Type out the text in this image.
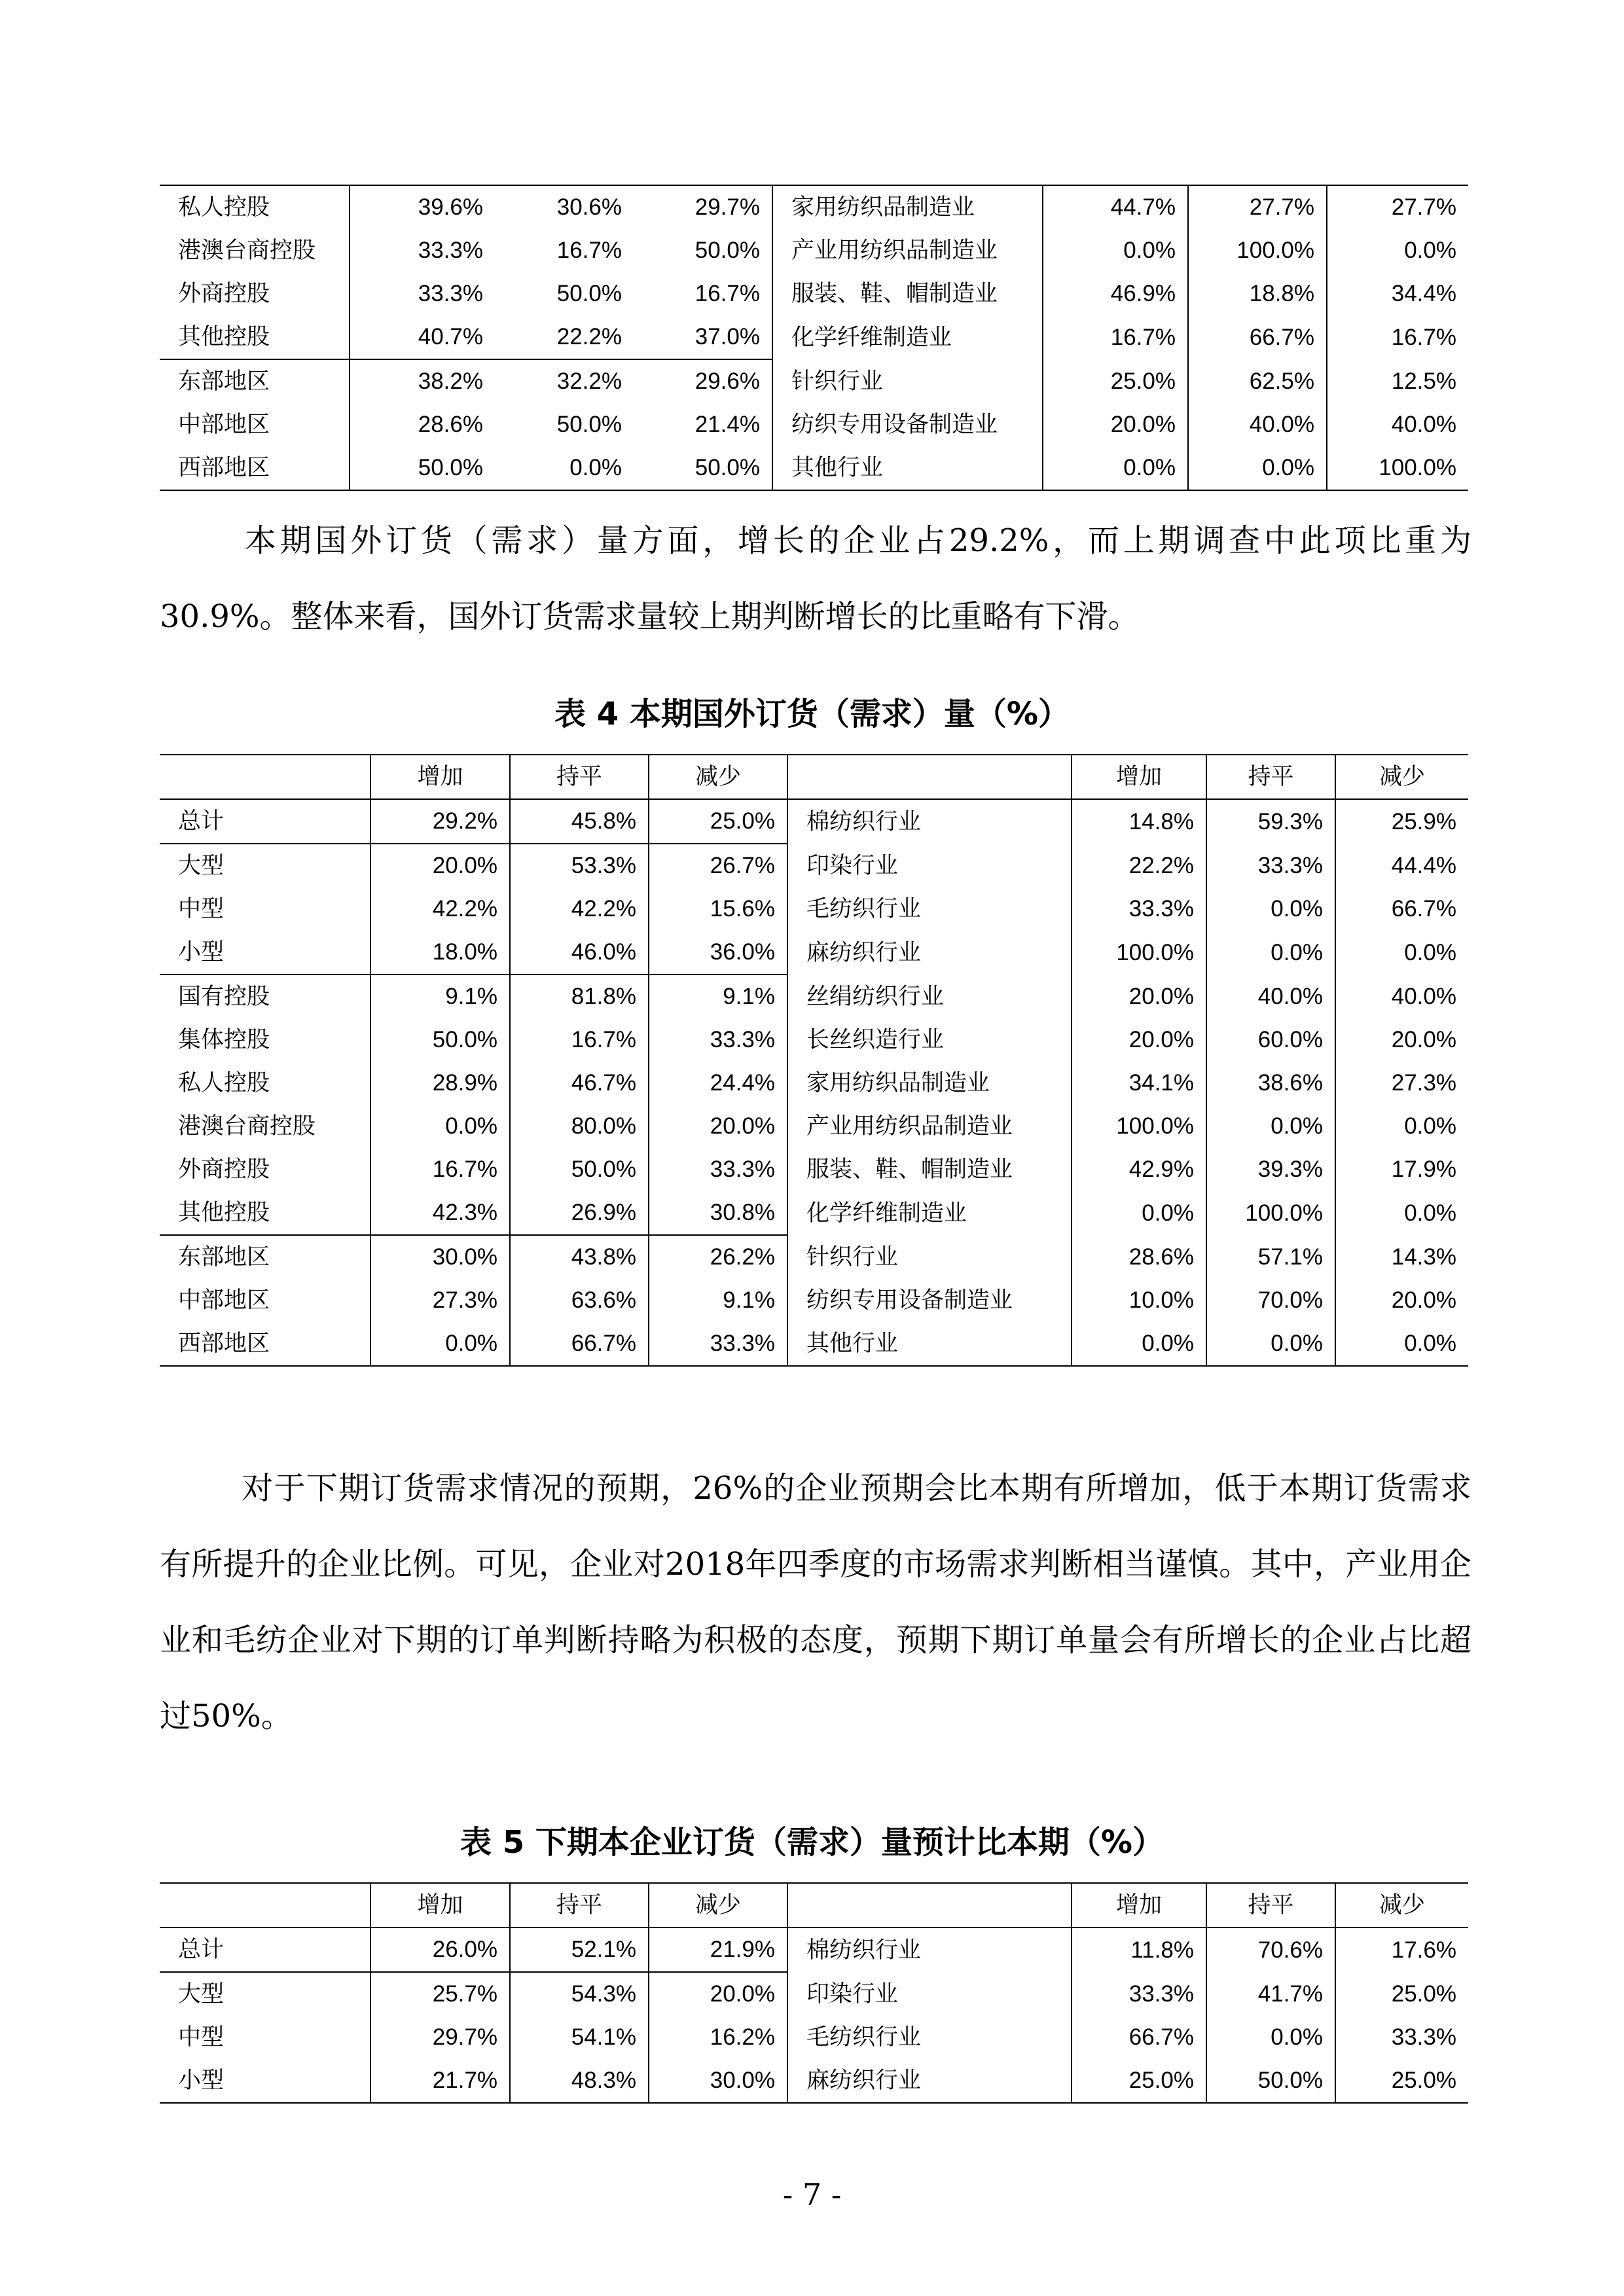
私人控股	39.6%	30.6%	29.7%	家用纺织品制造业	44.7%	27.7%	27.7%
港澳台商控股	33.3%	16.7%	50.0%	产业用纺织品制造业	0.0%	100.0%	0.0%
外商控股	33.3%	50.0%	16.7%	服装、鞋、帽制造业	46.9%	18.8%	34.4%
其他控股	40.7%	22.2%	37.0%	化学纤维制造业	16.7%	66.7%	16.7%
东部地区	38.2%	32.2%	29.6%	针织行业	25.0%	62.5%	12.5%
中部地区	28.6%	50.0%	21.4%	纺织专用设备制造业	20.0%	40.0%	40.0%
西部地区	50.0%	0.0%	50.0%	其他行业	0.0%	0.0%	100.0%

本期国外订货（需求）量方面，增长的企业占29.2%，而上期调查中此项比重为30.9%。整体来看，国外订货需求量较上期判断增长的比重略有下滑。

表 4 本期国外订货（需求）量（%）
	增加	持平	减少		增加	持平	减少
总计	29.2%	45.8%	25.0%	棉纺织行业	14.8%	59.3%	25.9%
大型	20.0%	53.3%	26.7%	印染行业	22.2%	33.3%	44.4%
中型	42.2%	42.2%	15.6%	毛纺织行业	33.3%	0.0%	66.7%
小型	18.0%	46.0%	36.0%	麻纺织行业	100.0%	0.0%	0.0%
国有控股	9.1%	81.8%	9.1%	丝绢纺织行业	20.0%	40.0%	40.0%
集体控股	50.0%	16.7%	33.3%	长丝织造行业	20.0%	60.0%	20.0%
私人控股	28.9%	46.7%	24.4%	家用纺织品制造业	34.1%	38.6%	27.3%
港澳台商控股	0.0%	80.0%	20.0%	产业用纺织品制造业	100.0%	0.0%	0.0%
外商控股	16.7%	50.0%	33.3%	服装、鞋、帽制造业	42.9%	39.3%	17.9%
其他控股	42.3%	26.9%	30.8%	化学纤维制造业	0.0%	100.0%	0.0%
东部地区	30.0%	43.8%	26.2%	针织行业	28.6%	57.1%	14.3%
中部地区	27.3%	63.6%	9.1%	纺织专用设备制造业	10.0%	70.0%	20.0%
西部地区	0.0%	66.7%	33.3%	其他行业	0.0%	0.0%	0.0%

对于下期订货需求情况的预期，26%的企业预期会比本期有所增加，低于本期订货需求有所提升的企业比例。可见，企业对2018年四季度的市场需求判断相当谨慎。其中，产业用企业和毛纺企业对下期的订单判断持略为积极的态度，预期下期订单量会有所增长的企业占比超过50%。

表 5 下期本企业订货（需求）量预计比本期（%）
	增加	持平	减少		增加	持平	减少
总计	26.0%	52.1%	21.9%	棉纺织行业	11.8%	70.6%	17.6%
大型	25.7%	54.3%	20.0%	印染行业	33.3%	41.7%	25.0%
中型	29.7%	54.1%	16.2%	毛纺织行业	66.7%	0.0%	33.3%
小型	21.7%	48.3%	30.0%	麻纺织行业	25.0%	50.0%	25.0%
- 7 -
